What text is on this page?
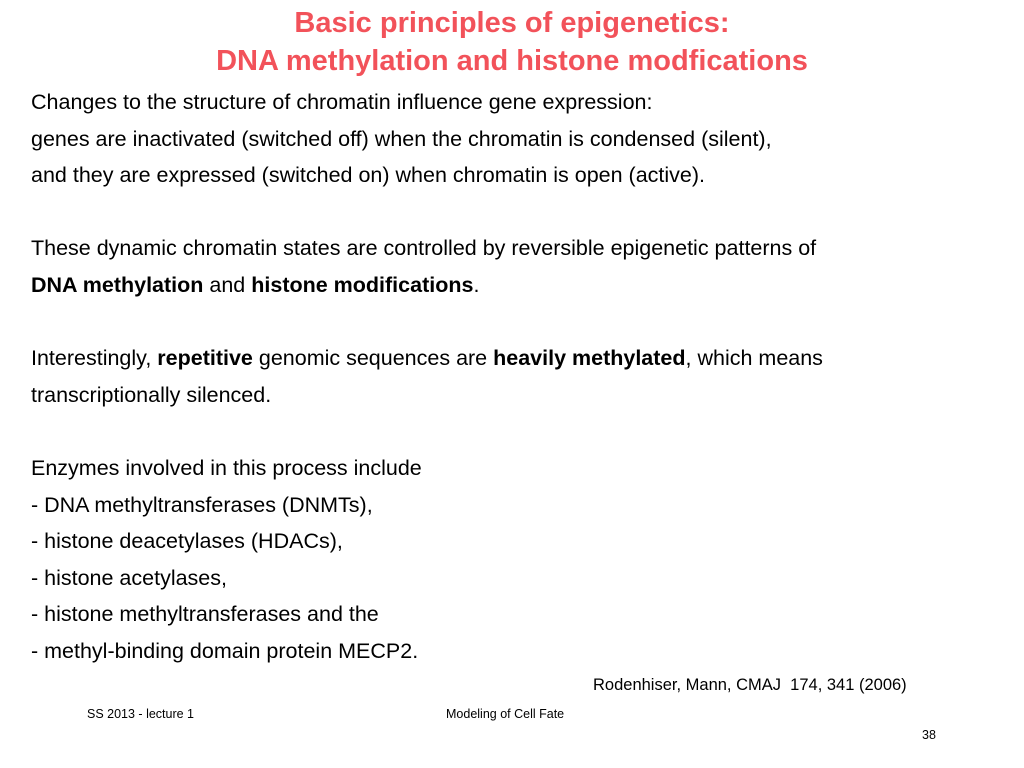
Basic principles of epigenetics:
DNA methylation and histone modfications
Changes to the structure of chromatin influence gene expression:
genes are inactivated (switched off) when the chromatin is condensed (silent),
and they are expressed (switched on) when chromatin is open (active).
These dynamic chromatin states are controlled by reversible epigenetic patterns of
DNA methylation and histone modifications.
Interestingly, repetitive genomic sequences are heavily methylated, which means
transcriptionally silenced.
Enzymes involved in this process include
- DNA methyltransferases (DNMTs),
- histone deacetylases (HDACs),
- histone acetylases,
- histone methyltransferases and the
- methyl-binding domain protein MECP2.
Rodenhiser, Mann, CMAJ  174, 341 (2006)
SS 2013 - lecture 1	Modeling of Cell Fate
38
